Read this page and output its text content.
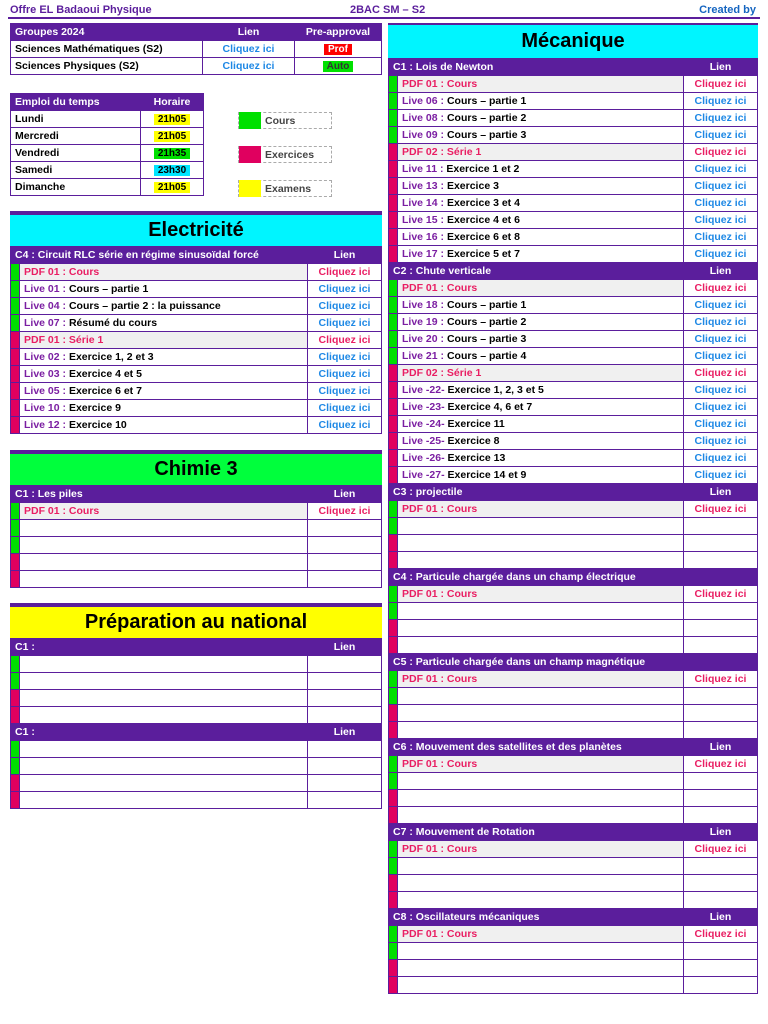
Offre EL Badaoui Physique	2BAC SM – S2	Created by
Groupes 2024	Lien	Pre-approval
Sciences Mathématiques (S2)	Cliquez ici	Prof
Sciences Physiques (S2)	Cliquez ici	Auto
Emploi du temps	Horaire
Lundi	21h05
Mercredi	21h05
Vendredi	21h35
Samedi	23h30
Dimanche	21h05
Cours
Exercices
Examens
Electricité
C4 : Circuit RLC série en régime sinusoïdal forcé		Lien
	PDF 01 : Cours	Cliquez ici
	Live 01 : Cours – partie 1	Cliquez ici
	Live 04 : Cours – partie 2 : la puissance	Cliquez ici
	Live 07 : Résumé du cours	Cliquez ici
	PDF 01 : Série 1	Cliquez ici
	Live 02 : Exercice 1, 2 et 3	Cliquez ici
	Live 03 : Exercice 4 et 5	Cliquez ici
	Live 05 : Exercice 6 et 7	Cliquez ici
	Live 10 : Exercice 9	Cliquez ici
	Live 12 : Exercice 10	Cliquez ici
Chimie 3
C1 : Les piles		Lien
	PDF 01 : Cours	Cliquez ici

Préparation au national
C1 :		Lien

C1 :		Lien

Mécanique
C1 : Lois de Newton		Lien
	PDF 01 : Cours	Cliquez ici
	Live 06 : Cours – partie 1	Cliquez ici
	Live 08 : Cours – partie 2	Cliquez ici
	Live 09 : Cours – partie 3	Cliquez ici
	PDF 02 : Série 1	Cliquez ici
	Live 11 : Exercice 1 et 2	Cliquez ici
	Live 13 : Exercice 3	Cliquez ici
	Live 14 : Exercice 3 et 4	Cliquez ici
	Live 15 : Exercice 4 et 6	Cliquez ici
	Live 16 : Exercice 6 et 8	Cliquez ici
	Live 17 : Exercice 5 et 7	Cliquez ici
C2 : Chute verticale		Lien
	PDF 01 : Cours	Cliquez ici
	Live 18 : Cours – partie 1	Cliquez ici
	Live 19 : Cours – partie 2	Cliquez ici
	Live 20 : Cours – partie 3	Cliquez ici
	Live 21 : Cours – partie 4	Cliquez ici
	PDF 02 : Série 1	Cliquez ici
	Live -22- Exercice 1, 2, 3 et 5	Cliquez ici
	Live -23- Exercice 4, 6 et 7	Cliquez ici
	Live -24- Exercice 11	Cliquez ici
	Live -25- Exercice 8	Cliquez ici
	Live -26- Exercice 13	Cliquez ici
	Live -27- Exercice 14 et 9	Cliquez ici
C3 : projectile		Lien
	PDF 01 : Cours	Cliquez ici

C4 : Particule chargée dans un champ électrique		
	PDF 01 : Cours	Cliquez ici

C5 : Particule chargée dans un champ magnétique		
	PDF 01 : Cours	Cliquez ici

C6 : Mouvement des satellites et des planètes		Lien
	PDF 01 : Cours	Cliquez ici

C7 : Mouvement de Rotation		Lien
	PDF 01 : Cours	Cliquez ici

C8 : Oscillateurs mécaniques		Lien
	PDF 01 : Cours	Cliquez ici
